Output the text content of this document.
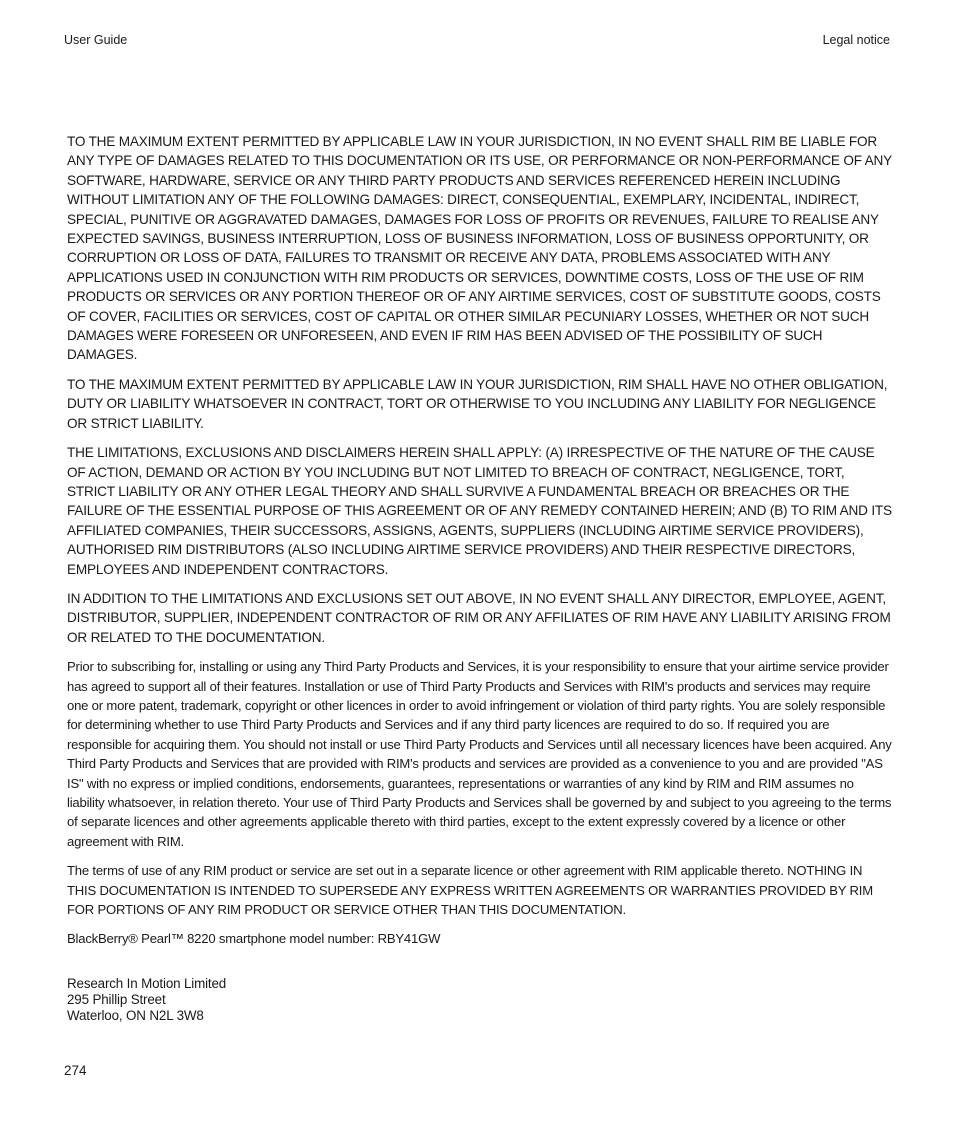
User Guide	Legal notice

TO THE MAXIMUM EXTENT PERMITTED BY APPLICABLE LAW IN YOUR JURISDICTION, IN NO EVENT SHALL RIM BE LIABLE FOR ANY TYPE OF DAMAGES RELATED TO THIS DOCUMENTATION OR ITS USE, OR PERFORMANCE OR NON-PERFORMANCE OF ANY SOFTWARE, HARDWARE, SERVICE OR ANY THIRD PARTY PRODUCTS AND SERVICES REFERENCED HEREIN INCLUDING WITHOUT LIMITATION ANY OF THE FOLLOWING DAMAGES: DIRECT, CONSEQUENTIAL, EXEMPLARY, INCIDENTAL, INDIRECT, SPECIAL, PUNITIVE OR AGGRAVATED DAMAGES, DAMAGES FOR LOSS OF PROFITS OR REVENUES, FAILURE TO REALISE ANY EXPECTED SAVINGS, BUSINESS INTERRUPTION, LOSS OF BUSINESS INFORMATION, LOSS OF BUSINESS OPPORTUNITY, OR CORRUPTION OR LOSS OF DATA, FAILURES TO TRANSMIT OR RECEIVE ANY DATA, PROBLEMS ASSOCIATED WITH ANY APPLICATIONS USED IN CONJUNCTION WITH RIM PRODUCTS OR SERVICES, DOWNTIME COSTS, LOSS OF THE USE OF RIM PRODUCTS OR SERVICES OR ANY PORTION THEREOF OR OF ANY AIRTIME SERVICES, COST OF SUBSTITUTE GOODS, COSTS OF COVER, FACILITIES OR SERVICES, COST OF CAPITAL OR OTHER SIMILAR PECUNIARY LOSSES, WHETHER OR NOT SUCH DAMAGES WERE FORESEEN OR UNFORESEEN, AND EVEN IF RIM HAS BEEN ADVISED OF THE POSSIBILITY OF SUCH DAMAGES.

TO THE MAXIMUM EXTENT PERMITTED BY APPLICABLE LAW IN YOUR JURISDICTION, RIM SHALL HAVE NO OTHER OBLIGATION, DUTY OR LIABILITY WHATSOEVER IN CONTRACT, TORT OR OTHERWISE TO YOU INCLUDING ANY LIABILITY FOR NEGLIGENCE OR STRICT LIABILITY.

THE LIMITATIONS, EXCLUSIONS AND DISCLAIMERS HEREIN SHALL APPLY: (A) IRRESPECTIVE OF THE NATURE OF THE CAUSE OF ACTION, DEMAND OR ACTION BY YOU INCLUDING BUT NOT LIMITED TO BREACH OF CONTRACT, NEGLIGENCE, TORT, STRICT LIABILITY OR ANY OTHER LEGAL THEORY AND SHALL SURVIVE A FUNDAMENTAL BREACH OR BREACHES OR THE FAILURE OF THE ESSENTIAL PURPOSE OF THIS AGREEMENT OR OF ANY REMEDY CONTAINED HEREIN; AND (B) TO RIM AND ITS AFFILIATED COMPANIES, THEIR SUCCESSORS, ASSIGNS, AGENTS, SUPPLIERS (INCLUDING AIRTIME SERVICE PROVIDERS), AUTHORISED RIM DISTRIBUTORS (ALSO INCLUDING AIRTIME SERVICE PROVIDERS) AND THEIR RESPECTIVE DIRECTORS, EMPLOYEES AND INDEPENDENT CONTRACTORS.

IN ADDITION TO THE LIMITATIONS AND EXCLUSIONS SET OUT ABOVE, IN NO EVENT SHALL ANY DIRECTOR, EMPLOYEE, AGENT, DISTRIBUTOR, SUPPLIER, INDEPENDENT CONTRACTOR OF RIM OR ANY AFFILIATES OF RIM HAVE ANY LIABILITY ARISING FROM OR RELATED TO THE DOCUMENTATION.

Prior to subscribing for, installing or using any Third Party Products and Services, it is your responsibility to ensure that your airtime service provider has agreed to support all of their features. Installation or use of Third Party Products and Services with RIM's products and services may require one or more patent, trademark, copyright or other licences in order to avoid infringement or violation of third party rights. You are solely responsible for determining whether to use Third Party Products and Services and if any third party licences are required to do so. If required you are responsible for acquiring them. You should not install or use Third Party Products and Services until all necessary licences have been acquired. Any Third Party Products and Services that are provided with RIM's products and services are provided as a convenience to you and are provided "AS IS" with no express or implied conditions, endorsements, guarantees, representations or warranties of any kind by RIM and RIM assumes no liability whatsoever, in relation thereto. Your use of Third Party Products and Services shall be governed by and subject to you agreeing to the terms of separate licences and other agreements applicable thereto with third parties, except to the extent expressly covered by a licence or other agreement with RIM.

The terms of use of any RIM product or service are set out in a separate licence or other agreement with RIM applicable thereto. NOTHING IN THIS DOCUMENTATION IS INTENDED TO SUPERSEDE ANY EXPRESS WRITTEN AGREEMENTS OR WARRANTIES PROVIDED BY RIM FOR PORTIONS OF ANY RIM PRODUCT OR SERVICE OTHER THAN THIS DOCUMENTATION.

BlackBerry® Pearl™ 8220 smartphone model number: RBY41GW

Research In Motion Limited
295 Phillip Street
Waterloo, ON N2L 3W8
274
